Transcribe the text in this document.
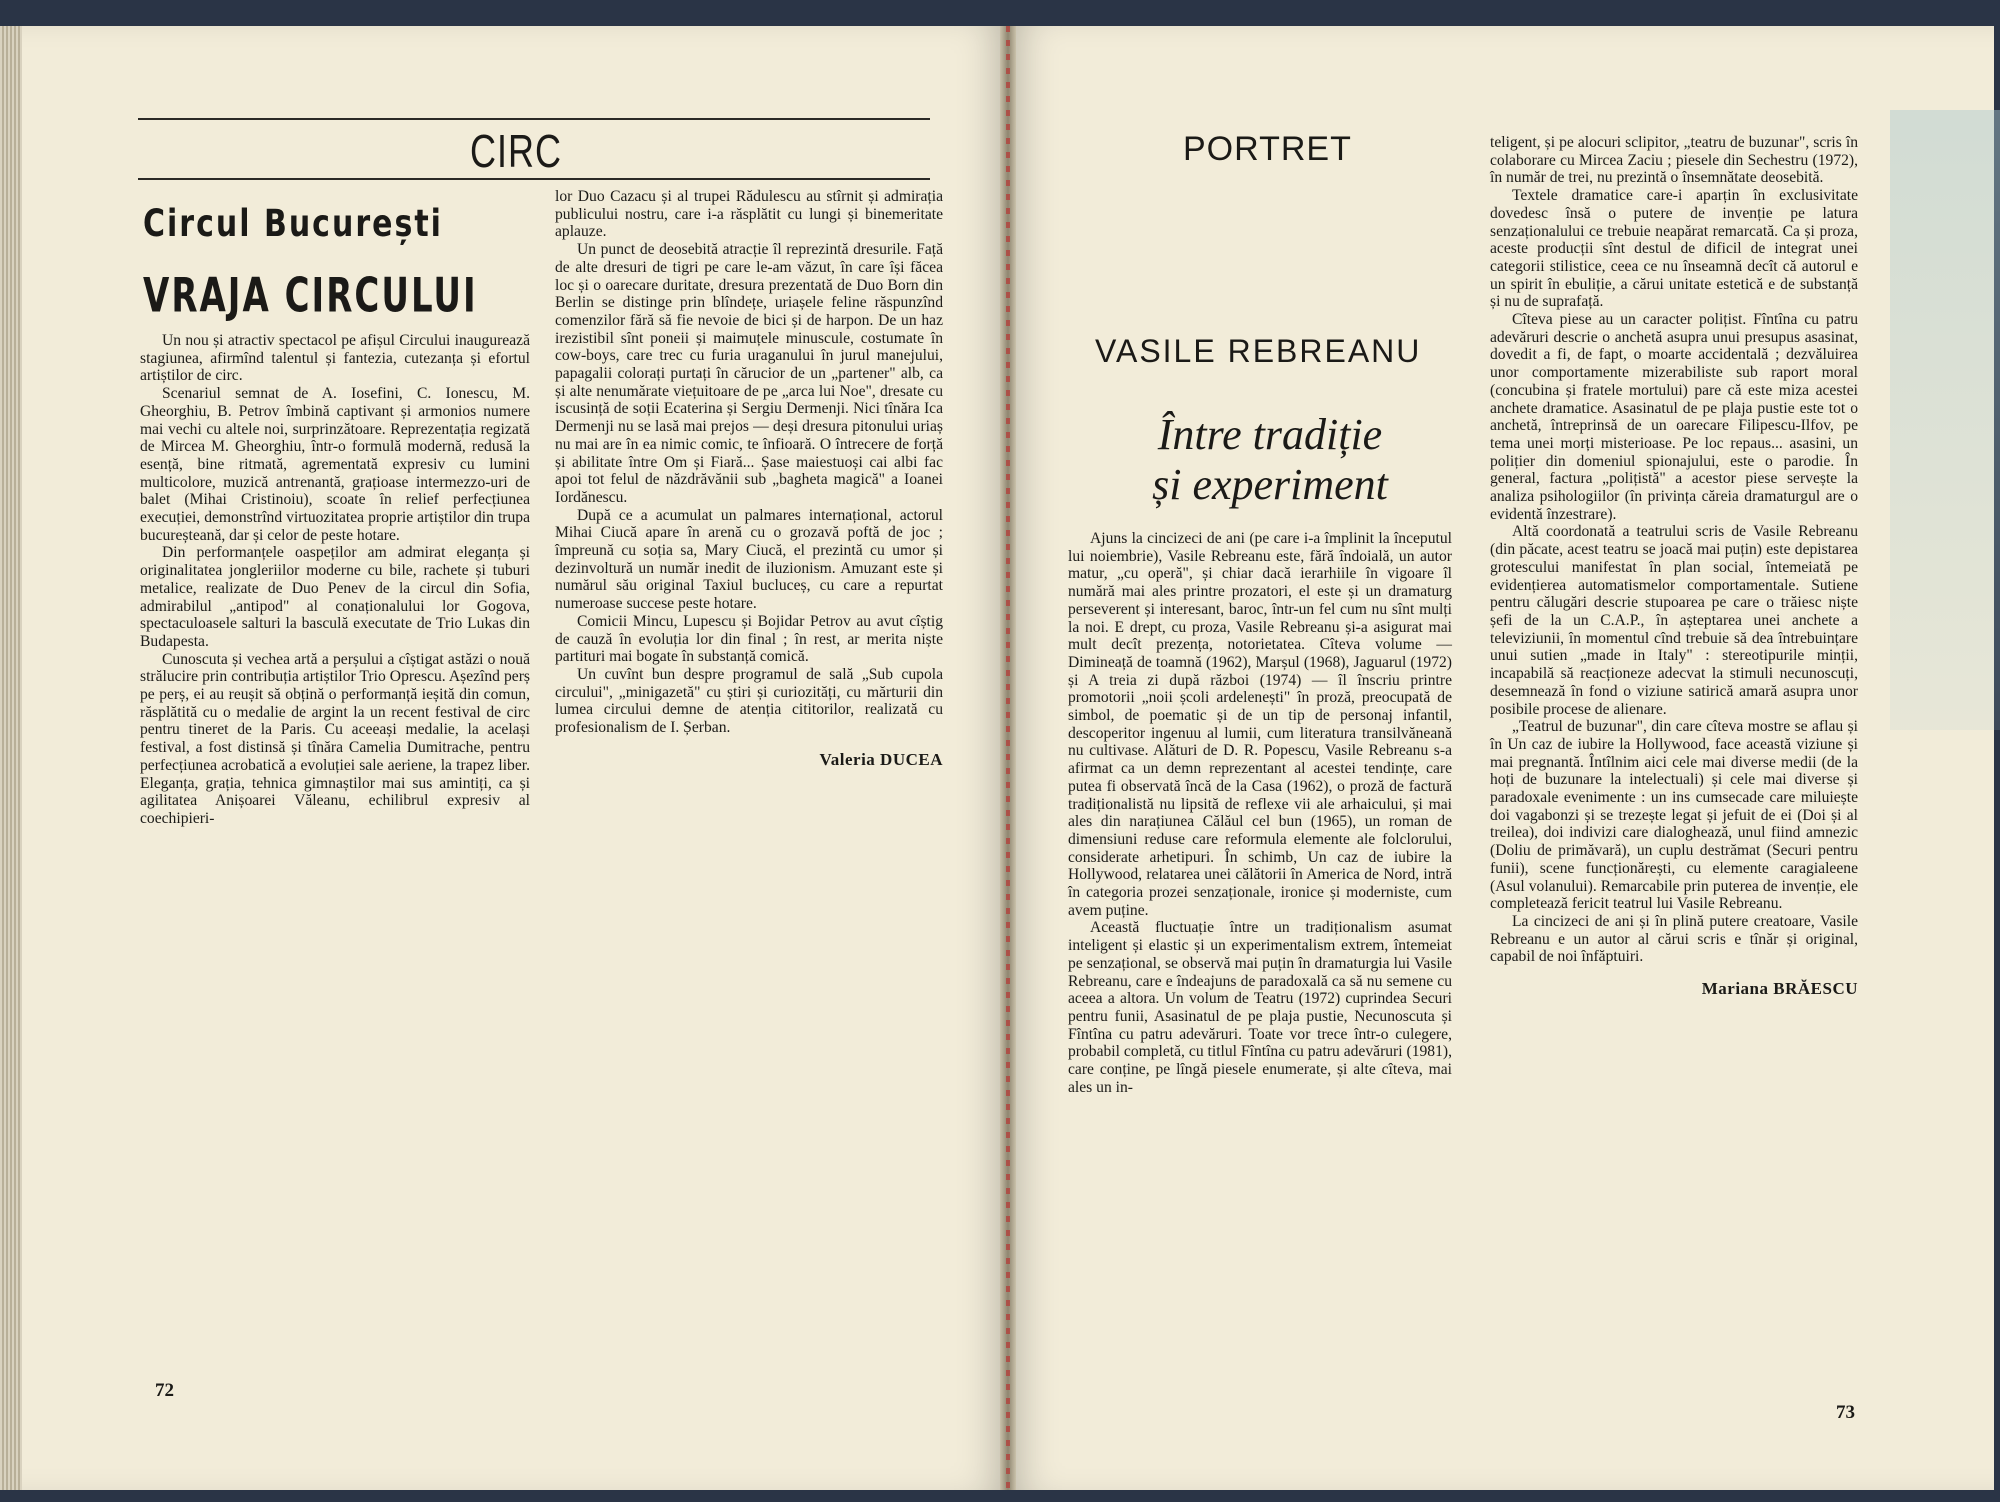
CIRC
Circul București
VRAJA CIRCULUI

Un nou și atractiv spectacol pe afișul Circului inaugurează stagiunea, afirmînd talentul și fantezia, cutezanța și efortul artiștilor de circ.

Scenariul semnat de A. Iosefini, C. Ionescu, M. Gheorghiu, B. Petrov îmbină captivant și armonios numere mai vechi cu altele noi, surprinzătoare. Reprezentația regizată de Mircea M. Gheorghiu, într-o formulă modernă, redusă la esență, bine ritmată, agrementată expresiv cu lumini multicolore, muzică antrenantă, grațioase intermezzo-uri de balet (Mihai Cristinoiu), scoate în relief perfecțiunea execuției, demonstrînd virtuozitatea proprie artiștilor din trupa bucureșteană, dar și celor de peste hotare.

Din performanțele oaspeților am admirat eleganța și originalitatea jongleriilor moderne cu bile, rachete și tuburi metalice, realizate de Duo Penev de la circul din Sofia, admirabilul „antipod" al conaționalului lor Gogova, spectaculoasele salturi la basculă executate de Trio Lukas din Budapesta.

Cunoscuta și vechea artă a perșului a cîștigat astăzi o nouă strălucire prin contribuția artiștilor Trio Oprescu. Așezînd perș pe perș, ei au reușit să obțină o performanță ieșită din comun, răsplătită cu o medalie de argint la un recent festival de circ pentru tineret de la Paris. Cu aceeași medalie, la același festival, a fost distinsă și tînăra Camelia Dumitrache, pentru perfecțiunea acrobatică a evoluției sale aeriene, la trapez liber. Eleganța, grația, tehnica gimnaștilor mai sus amintiți, ca și agilitatea Anișoarei Văleanu, echilibrul expresiv al coechipieri-

lor Duo Cazacu și al trupei Rădulescu au stîrnit și admirația publicului nostru, care i-a răsplătit cu lungi și binemeritate aplauze.

Un punct de deosebită atracție îl reprezintă dresurile. Față de alte dresuri de tigri pe care le-am văzut, în care își făcea loc și o oarecare duritate, dresura prezentată de Duo Born din Berlin se distinge prin blîndețe, uriașele feline răspunzînd comenzilor fără să fie nevoie de bici și de harpon. De un haz irezistibil sînt poneii și maimuțele minuscule, costumate în cow-boys, care trec cu furia uraganului în jurul manejului, papagalii colorați purtați în cărucior de un „partener" alb, ca și alte nenumărate viețuitoare de pe „arca lui Noe", dresate cu iscusință de soții Ecaterina și Sergiu Dermenji. Nici tînăra Ica Dermenji nu se lasă mai prejos — deși dresura pitonului uriaș nu mai are în ea nimic comic, te înfioară. O întrecere de forță și abilitate între Om și Fiară... Șase maiestuoși cai albi fac apoi tot felul de năzdrăvănii sub „bagheta magică" a Ioanei Iordănescu.

După ce a acumulat un palmares internațional, actorul Mihai Ciucă apare în arenă cu o grozavă poftă de joc ; împreună cu soția sa, Mary Ciucă, el prezintă cu umor și dezinvoltură un număr inedit de iluzionism. Amuzant este și numărul său original Taxiul bucluceș, cu care a repurtat numeroase succese peste hotare.

Comicii Mincu, Lupescu și Bojidar Petrov au avut cîștig de cauză în evoluția lor din final ; în rest, ar merita niște partituri mai bogate în substanță comică.

Un cuvînt bun despre programul de sală „Sub cupola circului", „minigazetă" cu știri și curiozități, cu mărturii din lumea circului demne de atenția cititorilor, realizată cu profesionalism de I. Șerban.

Valeria DUCEA
72
PORTRET
VASILE REBREANU
Între tradiție
și experiment

Ajuns la cincizeci de ani (pe care i-a împlinit la începutul lui noiembrie), Vasile Rebreanu este, fără îndoială, un autor matur, „cu operă", și chiar dacă ierarhiile în vigoare îl numără mai ales printre prozatori, el este și un dramaturg perseverent și interesant, baroc, într-un fel cum nu sînt mulți la noi. E drept, cu proza, Vasile Rebreanu și-a asigurat mai mult decît prezența, notorietatea. Cîteva volume — Dimineață de toamnă (1962), Marșul (1968), Jaguarul (1972) și A treia zi după război (1974) — îl înscriu printre promotorii „noii școli ardelenești" în proză, preocupată de simbol, de poematic și de un tip de personaj infantil, descoperitor ingenuu al lumii, cum literatura transilvăneană nu cultivase. Alături de D. R. Popescu, Vasile Rebreanu s-a afirmat ca un demn reprezentant al acestei tendințe, care putea fi observată încă de la Casa (1962), o proză de factură tradiționalistă nu lipsită de reflexe vii ale arhaicului, și mai ales din narațiunea Călăul cel bun (1965), un roman de dimensiuni reduse care reformula elemente ale folclorului, considerate arhetipuri. În schimb, Un caz de iubire la Hollywood, relatarea unei călătorii în America de Nord, intră în categoria prozei senzaționale, ironice și moderniste, cum avem puține.

Această fluctuație între un tradiționalism asumat inteligent și elastic și un experimentalism extrem, întemeiat pe senzațional, se observă mai puțin în dramaturgia lui Vasile Rebreanu, care e îndeajuns de paradoxală ca să nu semene cu aceea a altora. Un volum de Teatru (1972) cuprindea Securi pentru funii, Asasinatul de pe plaja pustie, Necunoscuta și Fîntîna cu patru adevăruri. Toate vor trece într-o culegere, probabil completă, cu titlul Fîntîna cu patru adevăruri (1981), care conține, pe lîngă piesele enumerate, și alte cîteva, mai ales un in-

teligent, și pe alocuri sclipitor, „teatru de buzunar", scris în colaborare cu Mircea Zaciu ; piesele din Sechestru (1972), în număr de trei, nu prezintă o însemnătate deosebită.

Textele dramatice care-i aparțin în exclusivitate dovedesc însă o putere de invenție pe latura senzaționalului ce trebuie neapărat remarcată. Ca și proza, aceste producții sînt destul de dificil de integrat unei categorii stilistice, ceea ce nu înseamnă decît că autorul e un spirit în ebuliție, a cărui unitate estetică e de substanță și nu de suprafață.

Cîteva piese au un caracter polițist. Fîntîna cu patru adevăruri descrie o anchetă asupra unui presupus asasinat, dovedit a fi, de fapt, o moarte accidentală ; dezvăluirea unor comportamente mizerabiliste sub raport moral (concubina și fratele mortului) pare că este miza acestei anchete dramatice. Asasinatul de pe plaja pustie este tot o anchetă, întreprinsă de un oarecare Filipescu-Ilfov, pe tema unei morți misterioase. Pe loc repaus... asasini, un polițier din domeniul spionajului, este o parodie. În general, factura „polițistă" a acestor piese servește la analiza psihologiilor (în privința căreia dramaturgul are o evidentă înzestrare).

Altă coordonată a teatrului scris de Vasile Rebreanu (din păcate, acest teatru se joacă mai puțin) este depistarea grotescului manifestat în plan social, întemeiată pe evidențierea automatismelor comportamentale. Sutiene pentru călugări descrie stupoarea pe care o trăiesc niște șefi de la un C.A.P., în așteptarea unei anchete a televiziunii, în momentul cînd trebuie să dea întrebuințare unui sutien „made in Italy" : stereotipurile minții, incapabilă să reacționeze adecvat la stimuli necunoscuți, desemnează în fond o viziune satirică amară asupra unor posibile procese de alienare.

„Teatrul de buzunar", din care cîteva mostre se aflau și în Un caz de iubire la Hollywood, face această viziune și mai pregnantă. Întîlnim aici cele mai diverse medii (de la hoți de buzunare la intelectuali) și cele mai diverse și paradoxale evenimente : un ins cumsecade care miluiește doi vagabonzi și se trezește legat și jefuit de ei (Doi și al treilea), doi indivizi care dialoghează, unul fiind amnezic (Doliu de primăvară), un cuplu destrămat (Securi pentru funii), scene funcționărești, cu elemente caragialeene (Asul volanului). Remarcabile prin puterea de invenție, ele completează fericit teatrul lui Vasile Rebreanu.

La cincizeci de ani și în plină putere creatoare, Vasile Rebreanu e un autor al cărui scris e tînăr și original, capabil de noi înfăptuiri.

Mariana BRĂESCU
73
